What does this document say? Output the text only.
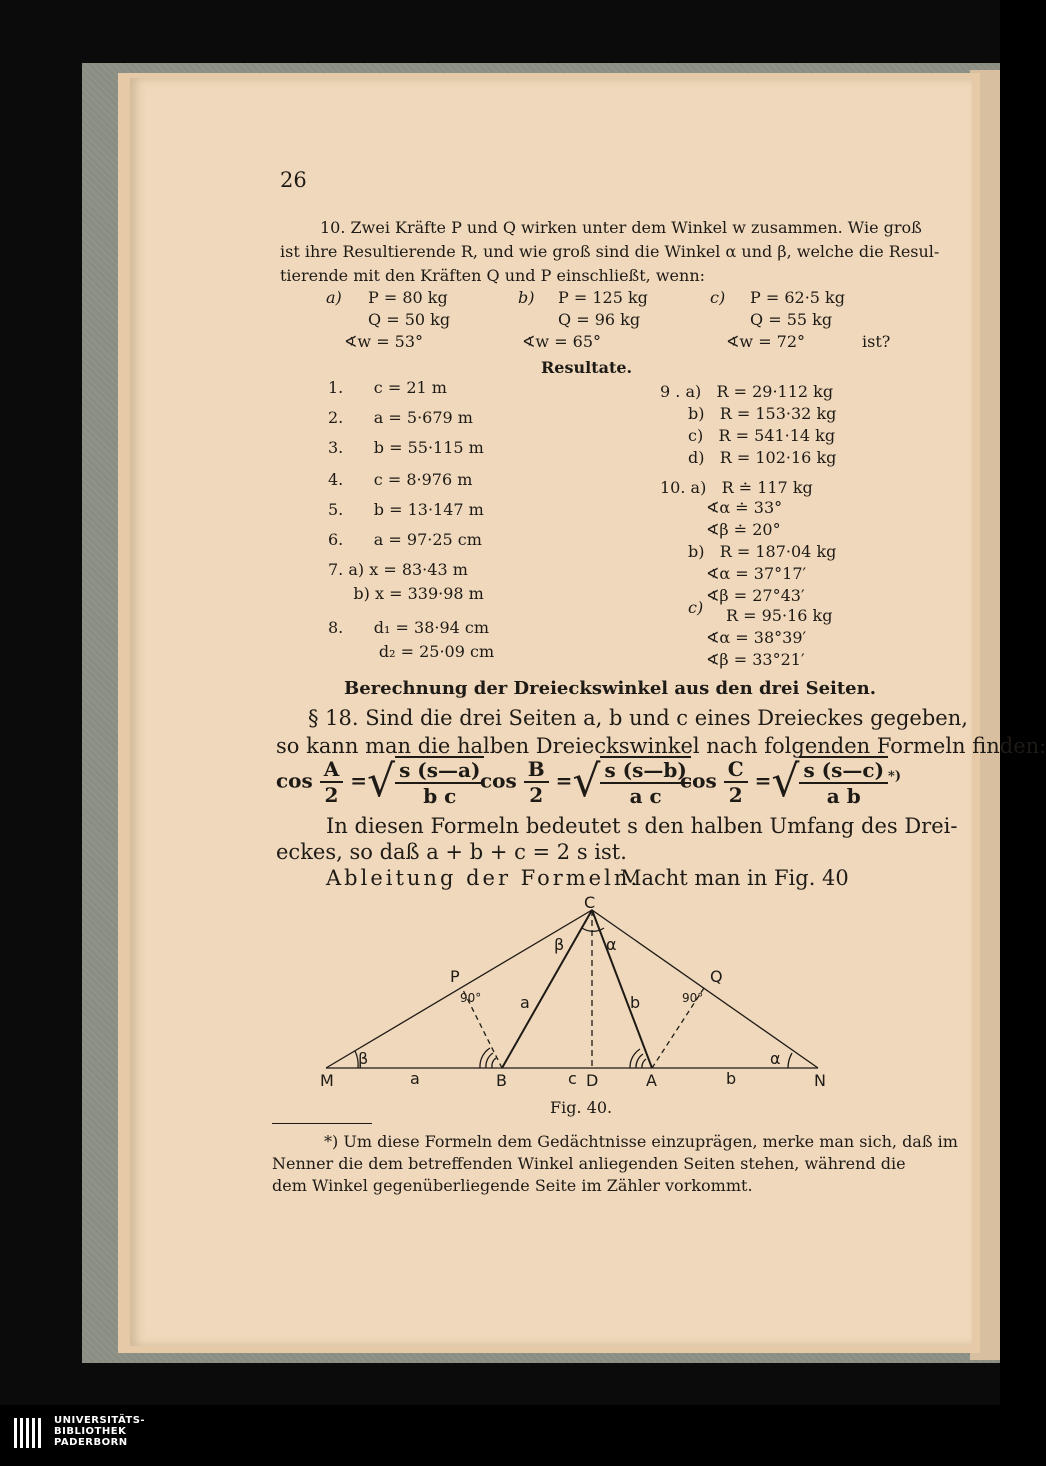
26
10. Zwei Kräfte P und Q wirken unter dem Winkel w zusammen. Wie groß
ist ihre Resultierende R, und wie groß sind die Winkel α und β, welche die Resul-
tierende mit den Kräften Q und P einschließt, wenn:
a) P = 80 kg
Q = 50 kg
∢w = 53°
b) P = 125 kg
Q = 96 kg
∢w = 65°
c) P = 62·5 kg
Q = 55 kg
∢w = 72°	ist?
Resultate.
1.      c = 21 m
2.      a = 5·679 m
3.      b = 55·115 m
4.      c = 8·976 m
5.      b = 13·147 m
6.      a = 97·25 cm
7. a) x = 83·43 m
b) x = 339·98 m
8.      d₁ = 38·94 cm
d₂ = 25·09 cm
9 . a)   R = 29·112 kg
b)   R = 153·32 kg
c)   R = 541·14 kg
d)   R = 102·16 kg
10. a)   R ≐ 117 kg
∢α ≐ 33°
∢β ≐ 20°
b)   R = 187·04 kg
∢α = 37°17′
∢β = 27°43′
c) R = 95·16 kg
∢α = 38°39′
∢β = 33°21′
Berechnung der Dreieckswinkel aus den drei Seiten.
§ 18. Sind die drei Seiten a, b und c eines Dreieckes gegeben,
so kann man die halben Dreieckswinkel nach folgenden Formeln finden:
$\cos \frac{A}{2}$ =√ $\frac{s (s—a)}{\text{b c}}$
$\cos \frac{B}{2}$ =√ $\frac{s (s—b)}{\text{a c}}$
$\cos \frac{C}{2}$ =√ $\frac{s (s—c)}{\text{a b}} ^{*)}$
In diesen Formeln bedeutet s den halben Umfang des Drei-
eckes, so daß a + b + c = 2 s ist.
Ableitung der Formeln.
Macht man in Fig. 40
C
P	Q
M	B	D	A	N
a
a	b
b
c
α
β
α
β
90°	90°
Fig. 40.
*) Um diese Formeln dem Gedächtnisse einzuprägen, merke man sich, daß im
Nenner die dem betreffenden Winkel anliegenden Seiten stehen, während die
dem Winkel gegenüberliegende Seite im Zähler vorkommt.
UNIVERSITÄTS-
BIBLIOTHEK
PADERBORN
